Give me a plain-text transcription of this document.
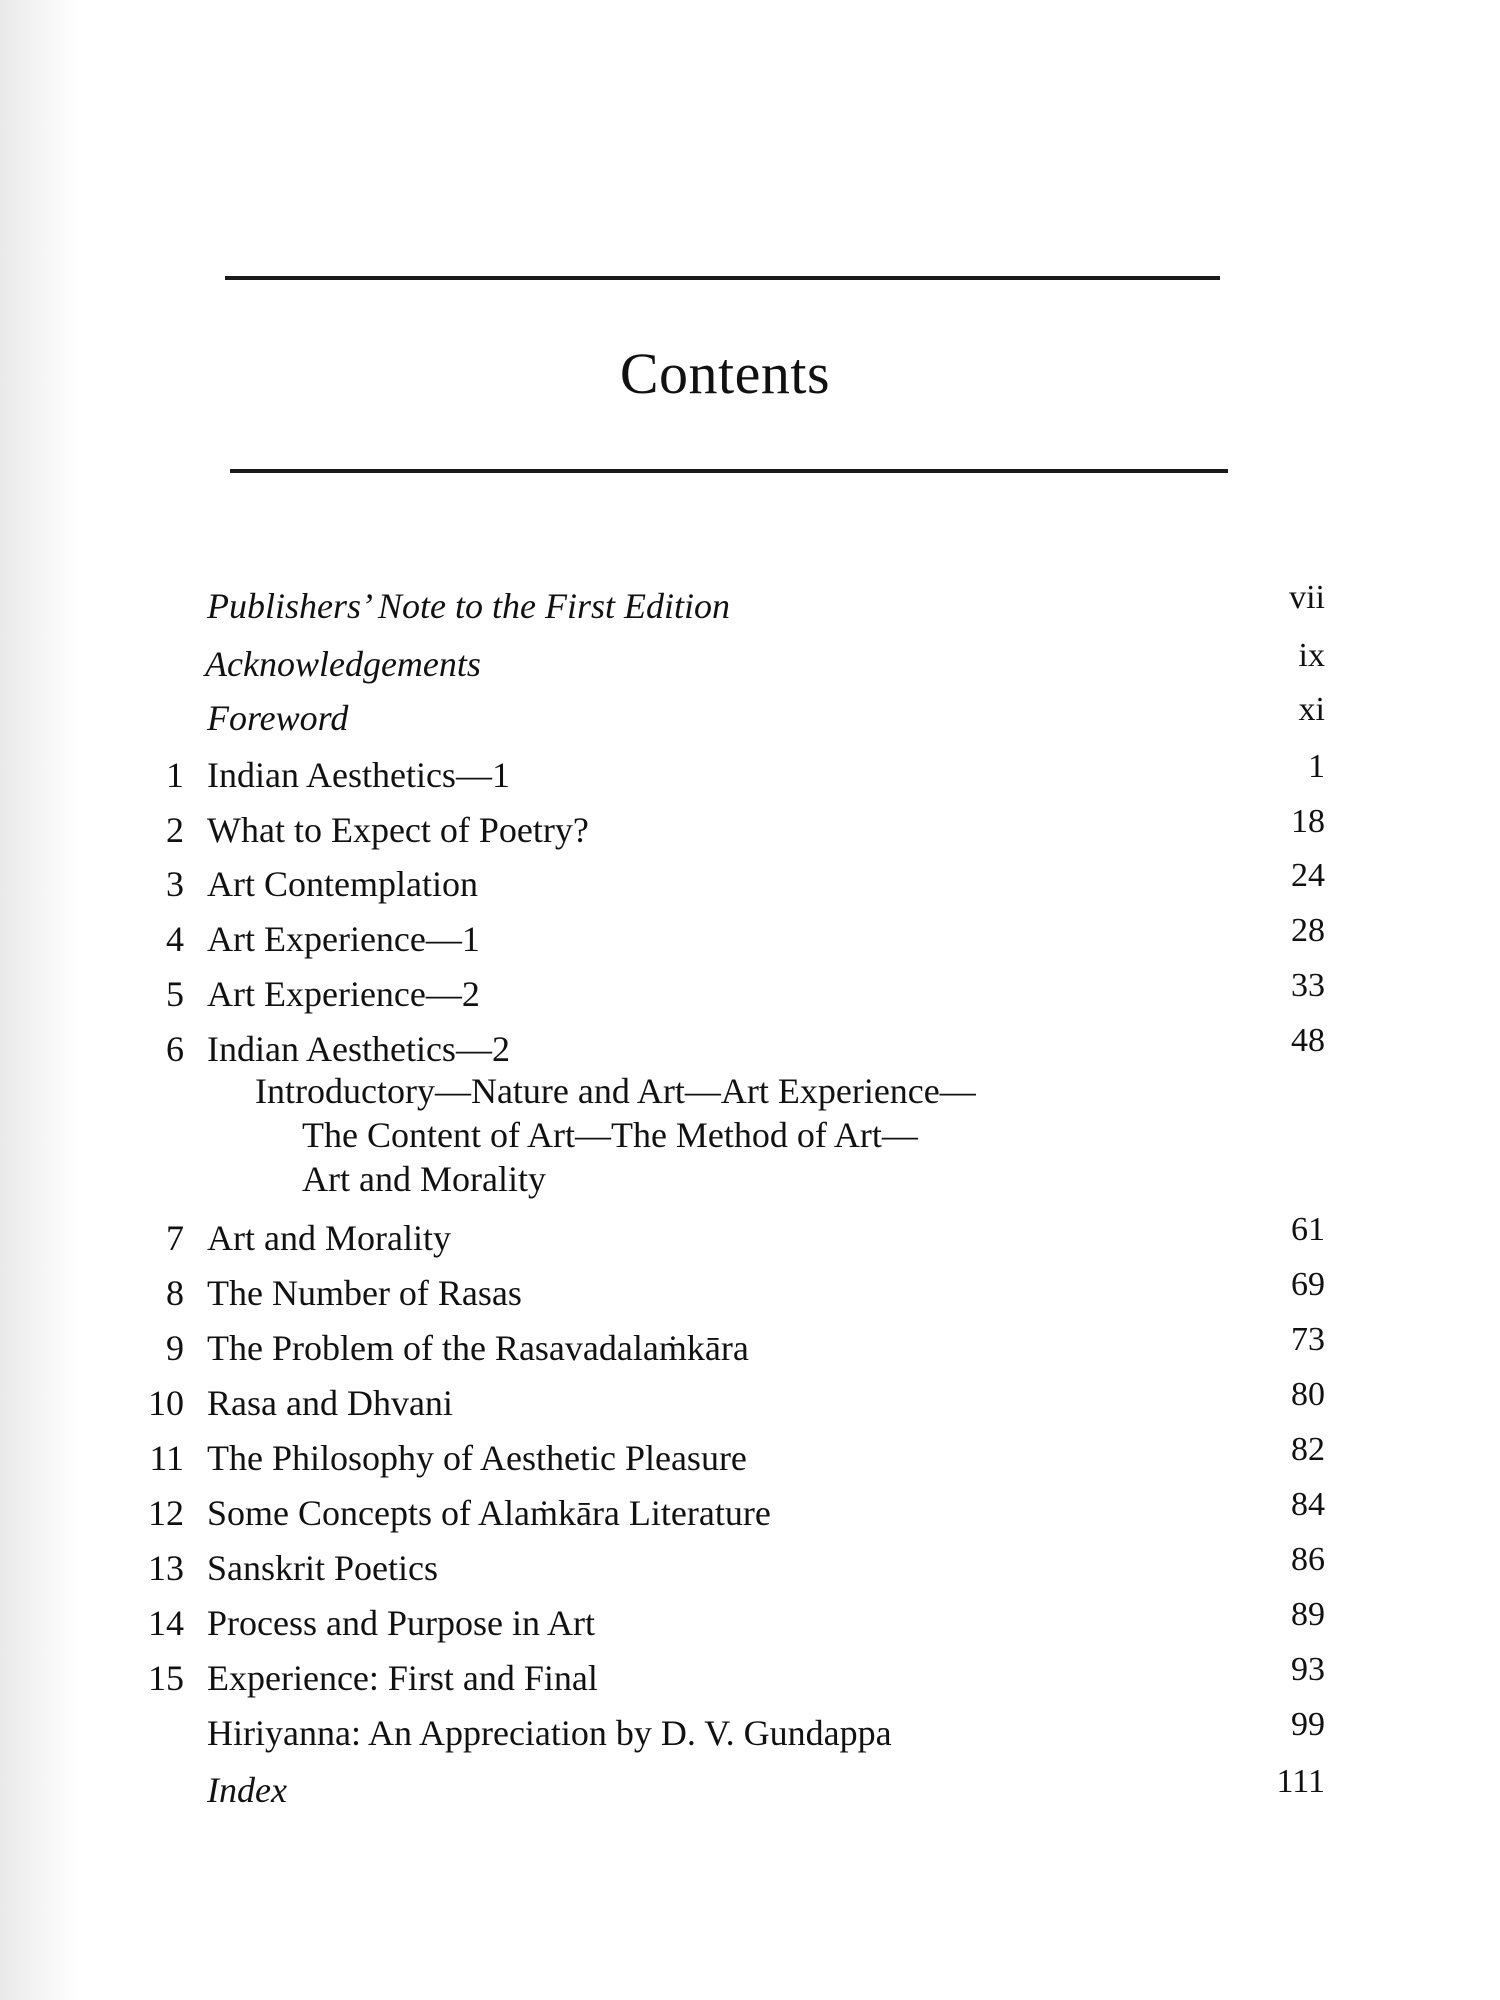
Contents
Publishers’ Note to the First Edition	vii
Acknowledgements	ix
Foreword	xi
1 Indian Aesthetics—1	1
2 What to Expect of Poetry?	18
3 Art Contemplation	24
4 Art Experience—1	28
5 Art Experience—2	33
6 Indian Aesthetics—2	48
Introductory—Nature and Art—Art Experience—
The Content of Art—The Method of Art—
Art and Morality
7 Art and Morality	61
8 The Number of Rasas	69
9 The Problem of the Rasavadalaṁkāra	73
10 Rasa and Dhvani	80
11 The Philosophy of Aesthetic Pleasure	82
12 Some Concepts of Alaṁkāra Literature	84
13 Sanskrit Poetics	86
14 Process and Purpose in Art	89
15 Experience: First and Final	93
Hiriyanna: An Appreciation by D. V. Gundappa	99
Index	111
